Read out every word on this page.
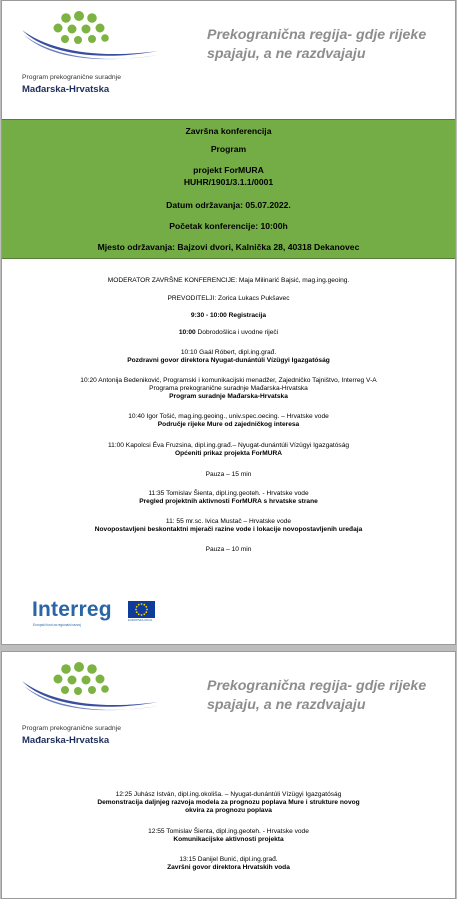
Program prekogranične suradnje
Mađarska-Hrvatska
Prekogranična regija- gdje rijeke
spajaju, a ne razdvajaju
Završna konferencija
Program
projekt ForMURA
HUHR/1901/3.1.1/0001
Datum održavanja: 05.07.2022.
Početak konferencije: 10:00h
Mjesto održavanja: Bajzovi dvori, Kalnička 28, 40318 Dekanovec
MODERATOR ZAVRŠNE KONFERENCIJE: Maja Milinarić Bajsić, mag.ing.geoing.
PREVODITELJI: Zorica Lukacs Pukšavec
9:30 - 10:00 Registracija
10:00 Dobrodošlica i uvodne riječi
10:10 Gaál Róbert, dipl.ing.građ.
Pozdravni govor direktora Nyugat-dunántúli Vízügyi Igazgatóság
10:20 Antonija Bedeniković, Programski i komunikacijski menadžer, Zajedničko Tajništvo, Interreg V-A
Programa prekogranične suradnje Mađarska-Hrvatska
Program suradnje Mađarska-Hrvatska
10:40 Igor Tošić, mag.ing.geoing., univ.spec.oecing. – Hrvatske vode
Područje rijeke Mure od zajedničkog interesa
11:00 Kapolcsi Éva Fruzsina, dipl.ing.građ.– Nyugat-dunántúli Vízügyi Igazgatóság
Općeniti prikaz projekta ForMURA
Pauza – 15 min
11:35 Tomislav Šienta, dipl.ing.geoteh. - Hrvatske vode
Pregled projektnih aktivnosti ForMURA s hrvatske strane
11: 55 mr.sc. Ivica Mustač – Hrvatske vode
Novopostavljeni beskontaktni mjerači razine vode i lokacije novopostavljenih uređaja
Pauza – 10 min
Interreg
Europski fond za regionalni razvoj
EUROPSKA UNIJA
Program prekogranične suradnje
Mađarska-Hrvatska
Prekogranična regija- gdje rijeke
spajaju, a ne razdvajaju
12:25 Juhász István, dipl.ing.okoliša. – Nyugat-dunántúli Vízügyi Igazgatóság
Demonstracija daljnjeg razvoja modela za prognozu poplava Mure i strukture novog
okvira za prognozu poplava
12:55 Tomislav Šienta, dipl.ing.geoteh. - Hrvatske vode
Komunikacijske aktivnosti projekta
13:15 Danijel Bunić, dipl.ing.građ.
Završni govor direktora Hrvatskih voda
